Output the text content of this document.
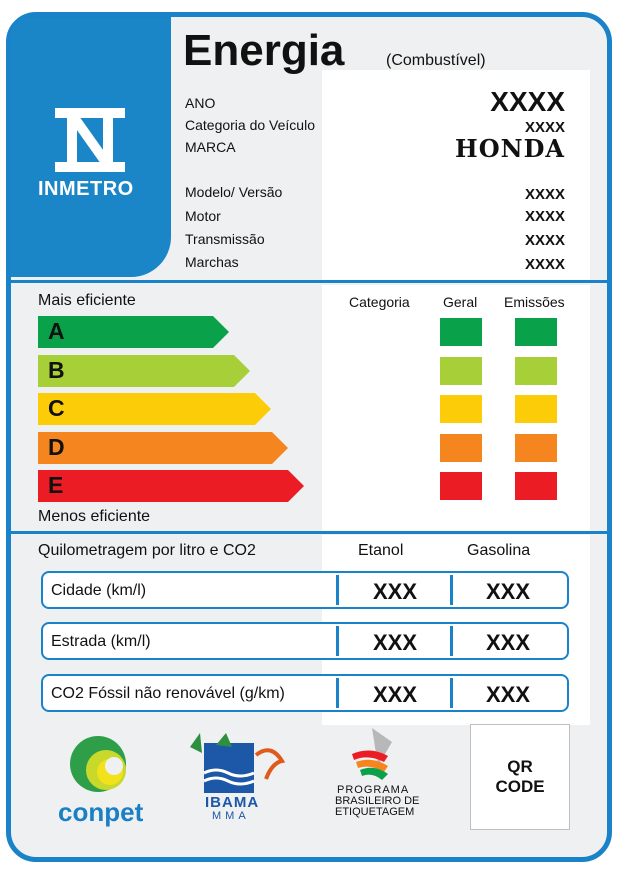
INMETRO
Energia	(Combustível)
ANO	XXXX
Categoria do Veículo	XXXX
MARCA	HONDA
Modelo/ Versão	XXXX
Motor	XXXX
Transmissão	XXXX
Marchas	XXXX
Mais eficiente	Categoria Geral Emissões
A
B
C
D
E
Menos eficiente
Quilometragem por litro e CO2	Etanol	Gasolina
Cidade (km/l)	XXX	XXX
Estrada (km/l)	XXX	XXX
CO2 Fóssil não renovável (g/km)	XXX	XXX
conpet	IBAMA
MMA
PROGRAMA
BRASILEIRO DE
ETIQUETAGEM
QR
CODE
